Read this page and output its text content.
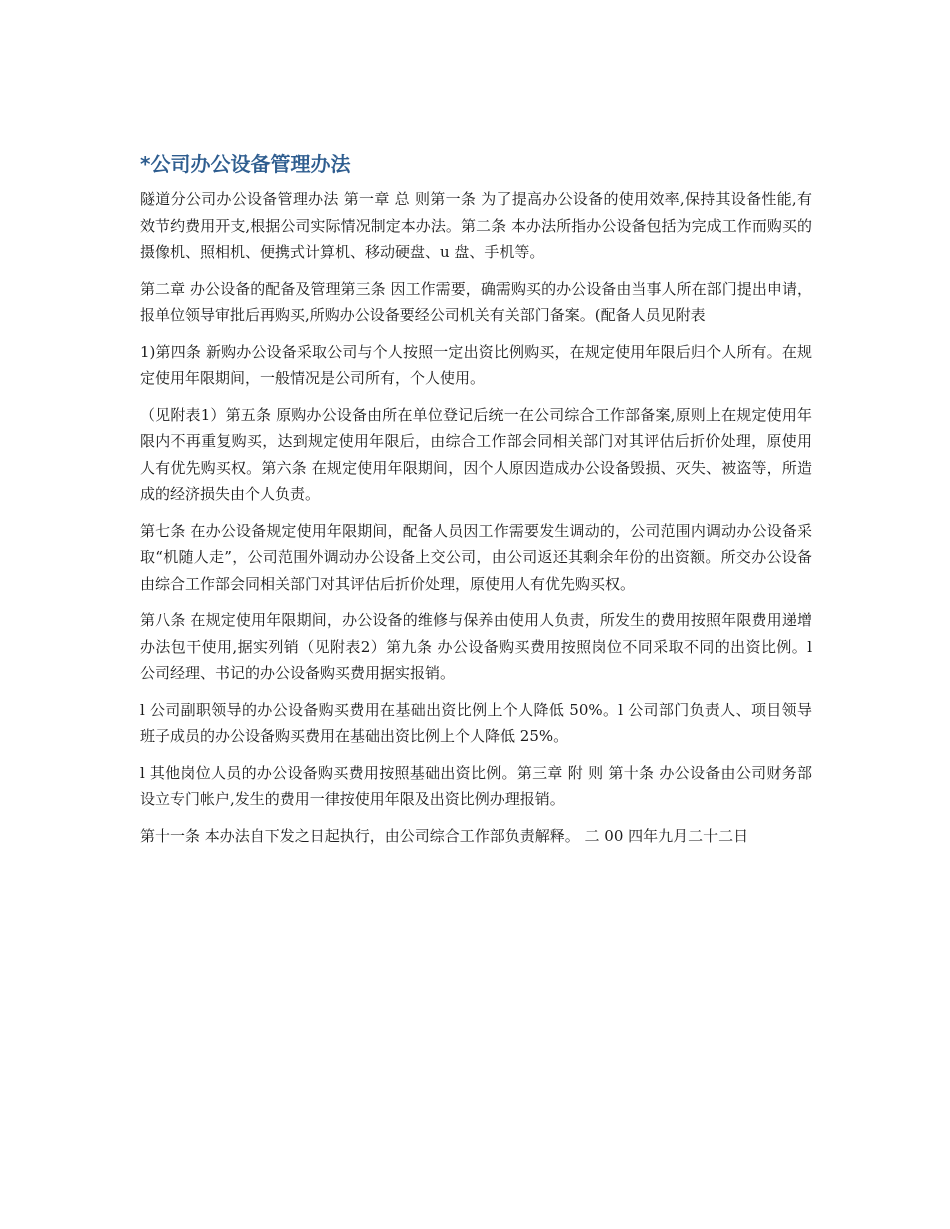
*公司办公设备管理办法

隧道分公司办公设备管理办法 第一章 总 则第一条 为了提高办公设备的使用效率,保持其设备性能,有效节约费用开支,根据公司实际情况制定本办法。第二条 本办法所指办公设备包括为完成工作而购买的摄像机、照相机、便携式计算机、移动硬盘、u 盘、手机等。

第二章 办公设备的配备及管理第三条 因工作需要，确需购买的办公设备由当事人所在部门提出申请，报单位领导审批后再购买,所购办公设备要经公司机关有关部门备案。(配备人员见附表

1)第四条 新购办公设备采取公司与个人按照一定出资比例购买，在规定使用年限后归个人所有。在规定使用年限期间，一般情况是公司所有，个人使用。

（见附表1）第五条 原购办公设备由所在单位登记后统一在公司综合工作部备案,原则上在规定使用年限内不再重复购买，达到规定使用年限后，由综合工作部会同相关部门对其评估后折价处理，原使用人有优先购买权。第六条 在规定使用年限期间，因个人原因造成办公设备毁损、灭失、被盗等，所造成的经济损失由个人负责。

第七条 在办公设备规定使用年限期间，配备人员因工作需要发生调动的，公司范围内调动办公设备采取“机随人走”，公司范围外调动办公设备上交公司，由公司返还其剩余年份的出资额。所交办公设备由综合工作部会同相关部门对其评估后折价处理，原使用人有优先购买权。

第八条 在规定使用年限期间，办公设备的维修与保养由使用人负责，所发生的费用按照年限费用递增办法包干使用,据实列销（见附表2）第九条 办公设备购买费用按照岗位不同采取不同的出资比例。l 公司经理、书记的办公设备购买费用据实报销。

l 公司副职领导的办公设备购买费用在基础出资比例上个人降低 50%。l 公司部门负责人、项目领导班子成员的办公设备购买费用在基础出资比例上个人降低 25%。

l 其他岗位人员的办公设备购买费用按照基础出资比例。第三章 附 则 第十条 办公设备由公司财务部设立专门帐户,发生的费用一律按使用年限及出资比例办理报销。

第十一条 本办法自下发之日起执行，由公司综合工作部负责解释。 二 00 四年九月二十二日
